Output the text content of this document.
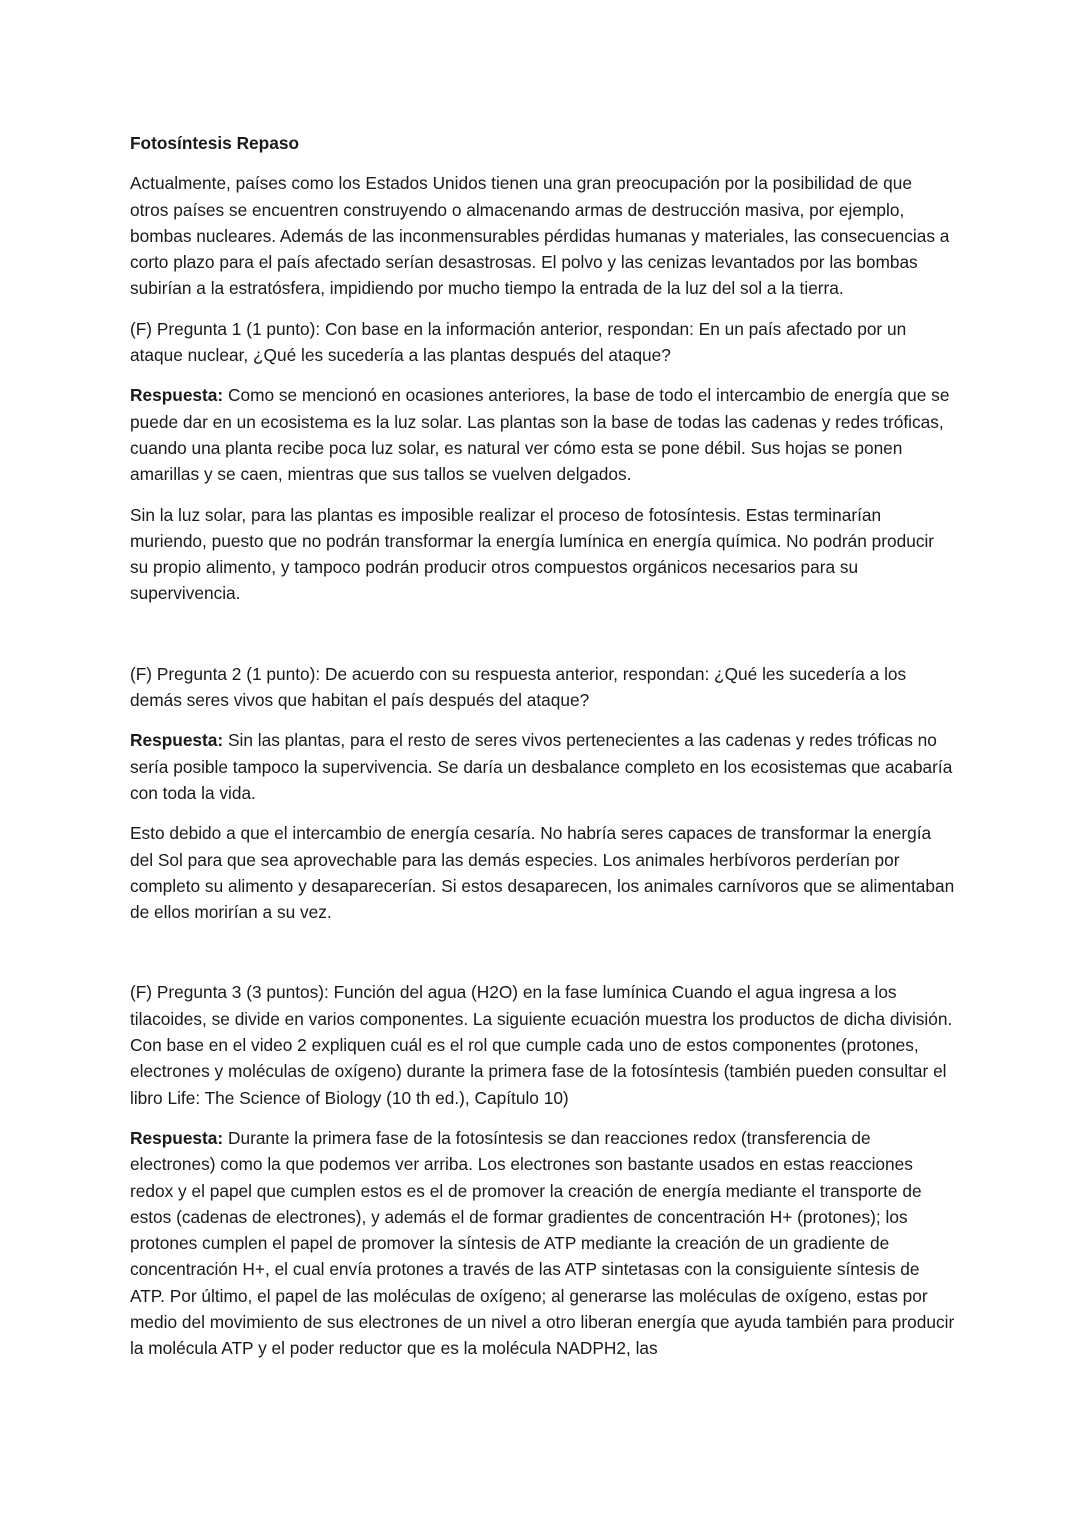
Fotosíntesis Repaso

Actualmente, países como los Estados Unidos tienen una gran preocupación por la posibilidad de que otros países se encuentren construyendo o almacenando armas de destrucción masiva, por ejemplo, bombas nucleares. Además de las inconmensurables pérdidas humanas y materiales, las consecuencias a corto plazo para el país afectado serían desastrosas. El polvo y las cenizas levantados por las bombas subirían a la estratósfera, impidiendo por mucho tiempo la entrada de la luz del sol a la tierra.

(F) Pregunta 1 (1 punto): Con base en la información anterior, respondan: En un país afectado por un ataque nuclear, ¿Qué les sucedería a las plantas después del ataque?

Respuesta: Como se mencionó en ocasiones anteriores, la base de todo el intercambio de energía que se puede dar en un ecosistema es la luz solar. Las plantas son la base de todas las cadenas y redes tróficas, cuando una planta recibe poca luz solar, es natural ver cómo esta se pone débil. Sus hojas se ponen amarillas y se caen, mientras que sus tallos se vuelven delgados.

Sin la luz solar, para las plantas es imposible realizar el proceso de fotosíntesis. Estas terminarían muriendo, puesto que no podrán transformar la energía lumínica en energía química. No podrán producir su propio alimento, y tampoco podrán producir otros compuestos orgánicos necesarios para su supervivencia.

(F) Pregunta 2 (1 punto): De acuerdo con su respuesta anterior, respondan: ¿Qué les sucedería a los demás seres vivos que habitan el país después del ataque?

Respuesta: Sin las plantas, para el resto de seres vivos pertenecientes a las cadenas y redes tróficas no sería posible tampoco la supervivencia. Se daría un desbalance completo en los ecosistemas que acabaría con toda la vida.

Esto debido a que el intercambio de energía cesaría. No habría seres capaces de transformar la energía del Sol para que sea aprovechable para las demás especies. Los animales herbívoros perderían por completo su alimento y desaparecerían. Si estos desaparecen, los animales carnívoros que se alimentaban de ellos morirían a su vez.

(F) Pregunta 3 (3 puntos): Función del agua (H2O) en la fase lumínica Cuando el agua ingresa a los tilacoides, se divide en varios componentes. La siguiente ecuación muestra los productos de dicha división. Con base en el video 2 expliquen cuál es el rol que cumple cada uno de estos componentes (protones, electrones y moléculas de oxígeno) durante la primera fase de la fotosíntesis (también pueden consultar el libro Life: The Science of Biology (10 th ed.), Capítulo 10)

Respuesta: Durante la primera fase de la fotosíntesis se dan reacciones redox (transferencia de electrones) como la que podemos ver arriba. Los electrones son bastante usados en estas reacciones redox y el papel que cumplen estos es el de promover la creación de energía mediante el transporte de estos (cadenas de electrones), y además el de formar gradientes de concentración H+ (protones); los protones cumplen el papel de promover la síntesis de ATP mediante la creación de un gradiente de concentración H+, el cual envía protones a través de las ATP sintetasas con la consiguiente síntesis de ATP. Por último, el papel de las moléculas de oxígeno; al generarse las moléculas de oxígeno, estas por medio del movimiento de sus electrones de un nivel a otro liberan energía que ayuda también para producir la molécula ATP y el poder reductor que es la molécula NADPH2, las
